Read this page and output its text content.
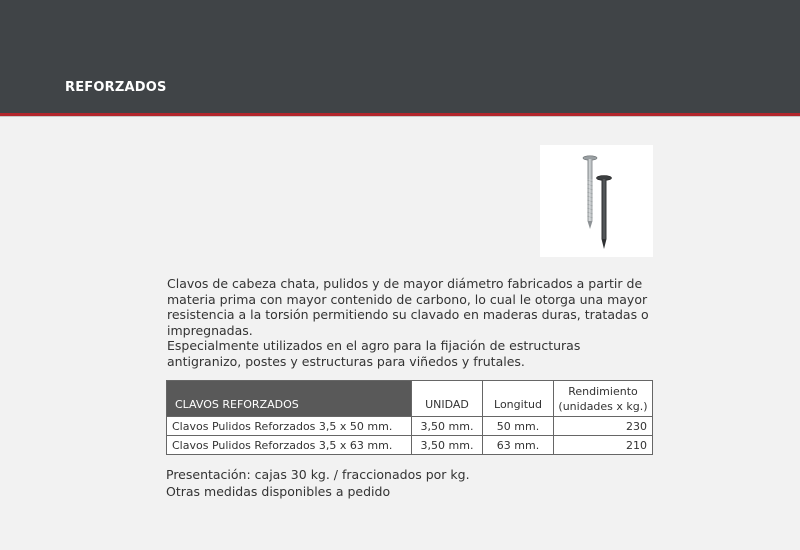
REFORZADOS

Clavos de cabeza chata, pulidos y de mayor diámetro fabricados a partir de materia prima con mayor contenido de carbono, lo cual le otorga una mayor resistencia a la torsión permitiendo su clavado en maderas duras, tratadas o impregnadas.

Especialmente utilizados en el agro para la fijación de estructuras antigranizo, postes y estructuras para viñedos y frutales.

CLAVOS REFORZADOS	UNIDAD	Longitud	Rendimiento
(unidades x kg.)

Clavos Pulidos Reforzados 3,5 x 50 mm.	3,50 mm.	50 mm.	230
Clavos Pulidos Reforzados 3,5 x 63 mm.	3,50 mm.	63 mm.	210
Presentación: cajas 30 kg. / fraccionados por kg.
Otras medidas disponibles a pedido
